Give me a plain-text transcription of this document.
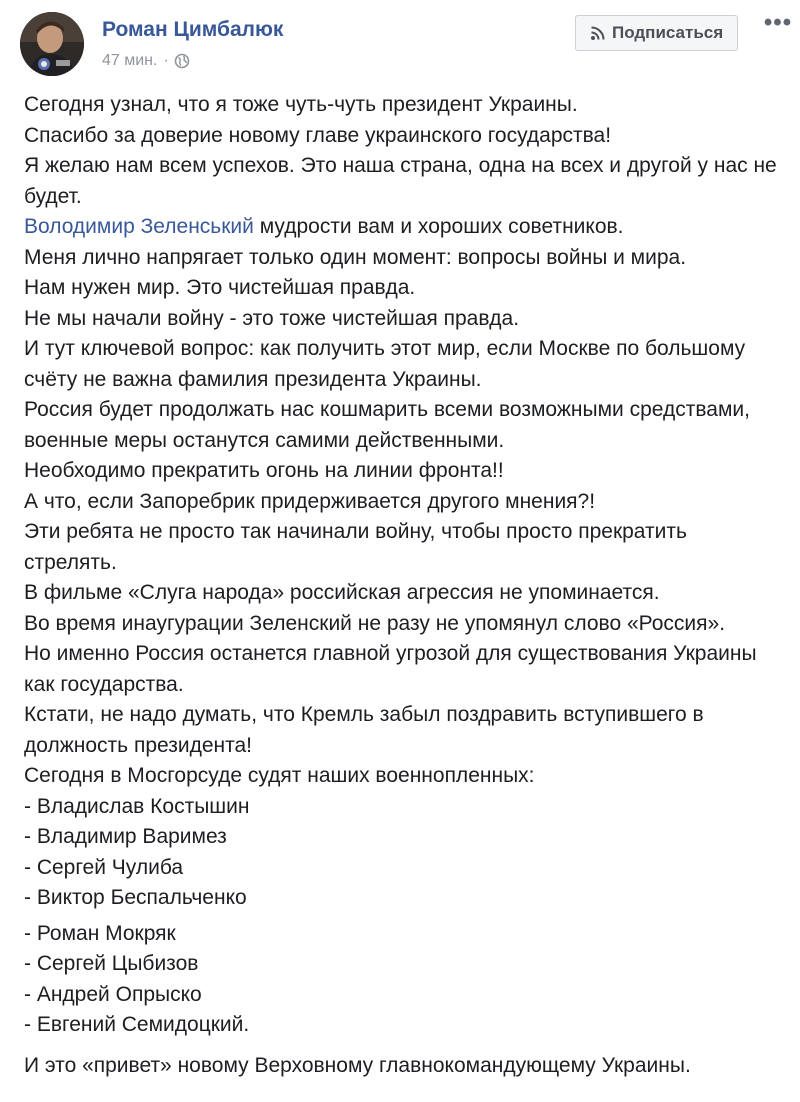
Роман Цимбалюк
47 мин. ·
Подписаться •••
Сегодня узнал, что я тоже чуть-чуть президент Украины.
Спасибо за доверие новому главе украинского государства!
Я желаю нам всем успехов. Это наша страна, одна на всех и другой у нас не будет.
Володимир Зеленський мудрости вам и хороших советников.
Меня лично напрягает только один момент: вопросы войны и мира.
Нам нужен мир. Это чистейшая правда.
Не мы начали войну - это тоже чистейшая правда.
И тут ключевой вопрос: как получить этот мир, если Москве по большому счёту не важна фамилия президента Украины.
Россия будет продолжать нас кошмарить всеми возможными средствами, военные меры останутся самими действенными.
Необходимо прекратить огонь на линии фронта!!
А что, если Запоребрик придерживается другого мнения?!
Эти ребята не просто так начинали войну, чтобы просто прекратить стрелять.
В фильме «Слуга народа» российская агрессия не упоминается.
Во время инаугурации Зеленский не разу не упомянул слово «Россия».
Но именно Россия останется главной угрозой для существования Украины как государства.
Кстати, не надо думать, что Кремль забыл поздравить вступившего в должность президента!
Сегодня в Мосгорсуде судят наших военнопленных:
- Владислав Костышин
- Владимир Варимез
- Сергей Чулиба
- Виктор Беспальченко
- Роман Мокряк
- Сергей Цыбизов
- Андрей Опрыско
- Евгений Семидоцкий.
И это «привет» новому Верховному главнокомандующему Украины.
